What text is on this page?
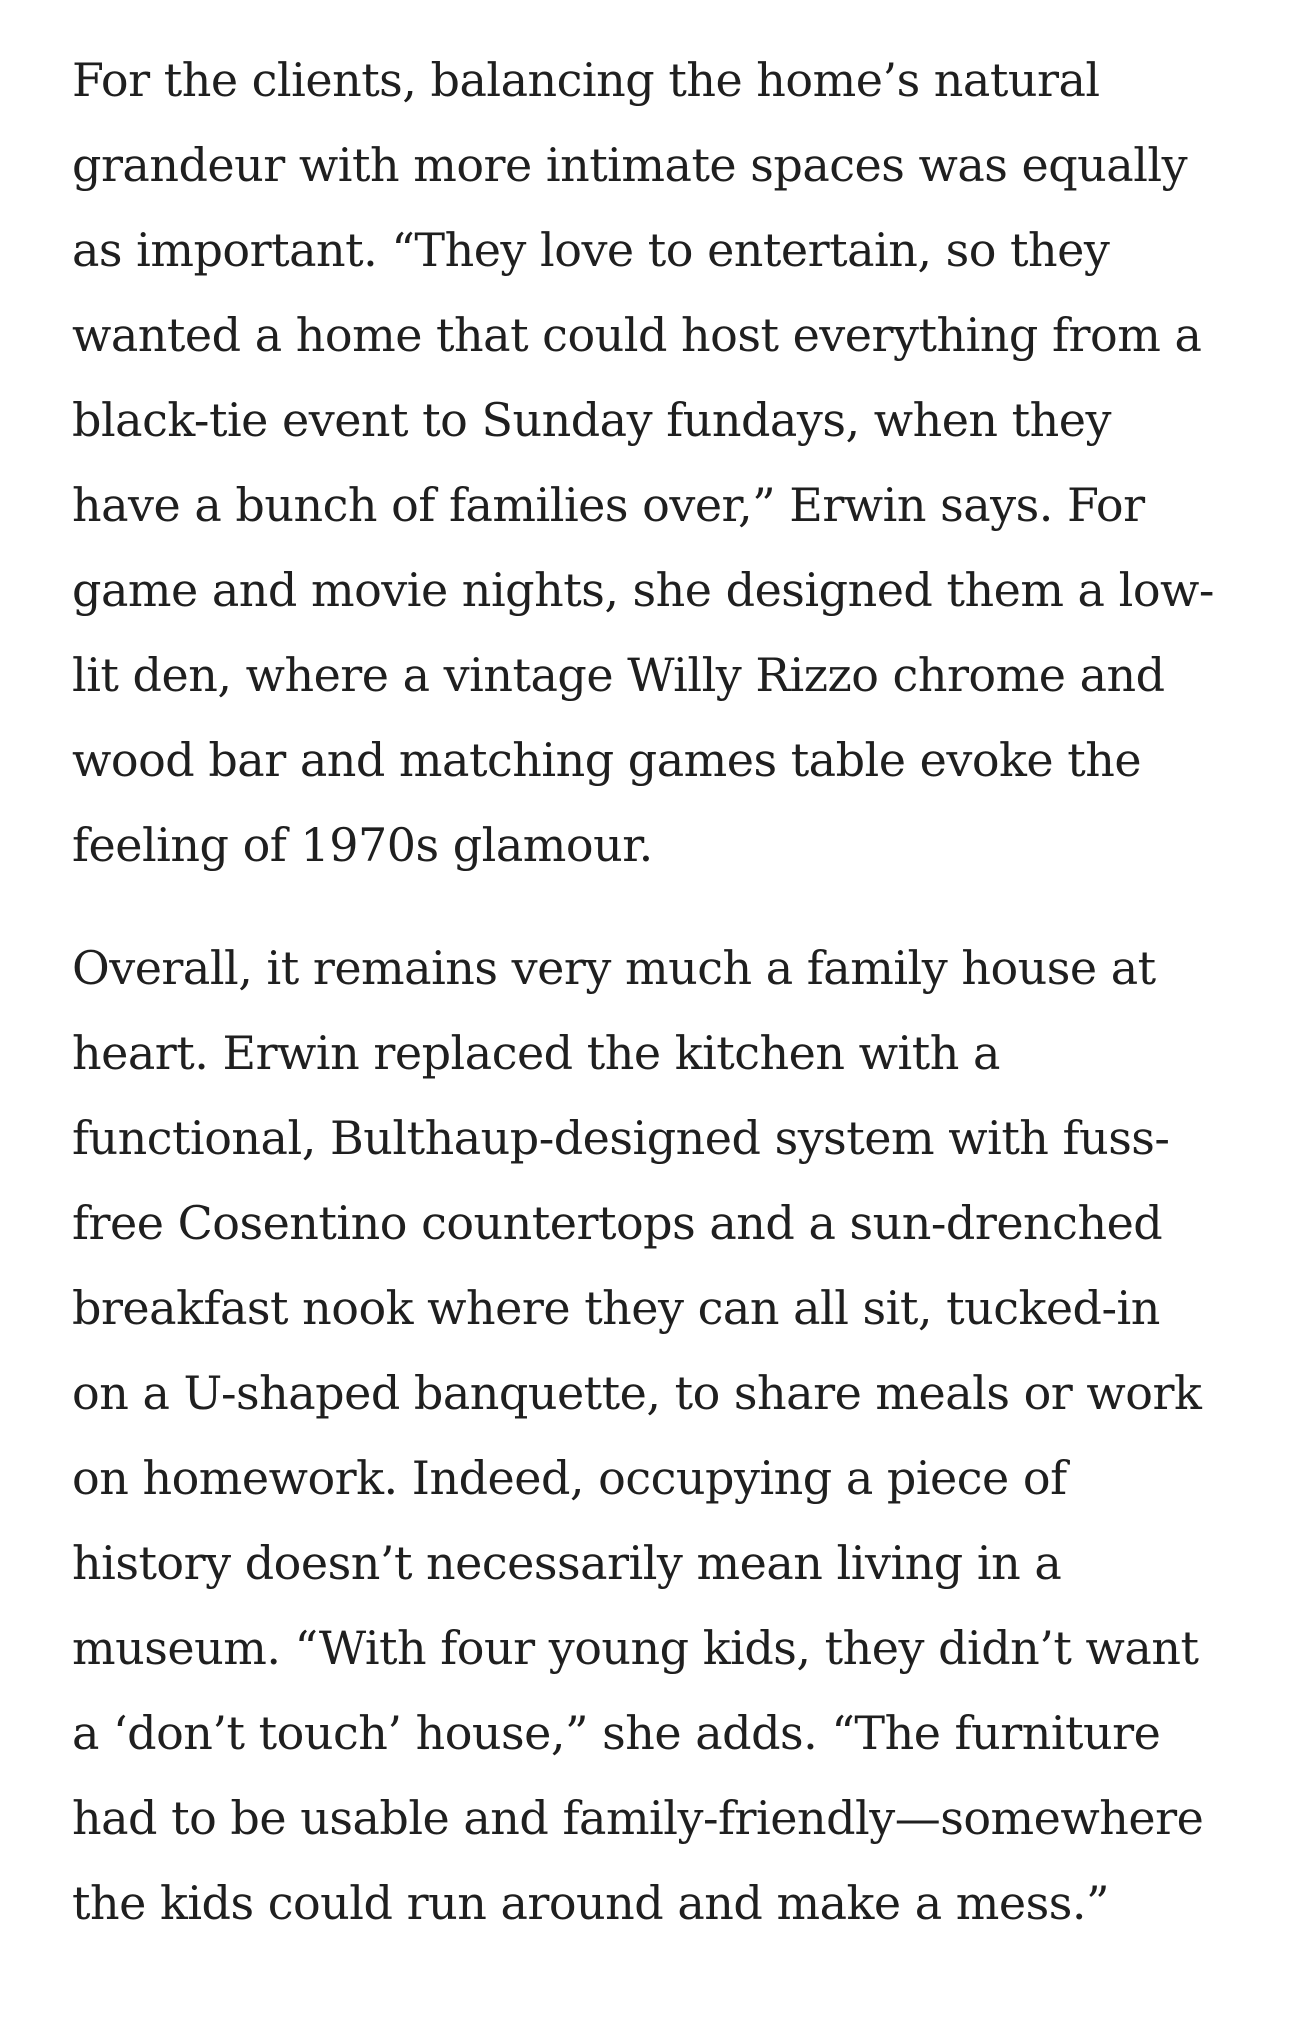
For the clients, balancing the home’s natural grandeur with more intimate spaces was equally as important. “They love to entertain, so they wanted a home that could host everything from a black-tie event to Sunday fundays, when they have a bunch of families over,” Erwin says. For game and movie nights, she designed them a low-lit den, where a vintage Willy Rizzo chrome and wood bar and matching games table evoke the feeling of 1970s glamour.

Overall, it remains very much a family house at heart. Erwin replaced the kitchen with a functional, Bulthaup-designed system with fuss-free Cosentino countertops and a sun-drenched breakfast nook where they can all sit, tucked-in on a U-shaped banquette, to share meals or work on homework. Indeed, occupying a piece of history doesn’t necessarily mean living in a museum. “With four young kids, they didn’t want a ‘don’t touch’ house,” she adds. “The furniture had to be usable and family-friendly—somewhere the kids could run around and make a mess.”
